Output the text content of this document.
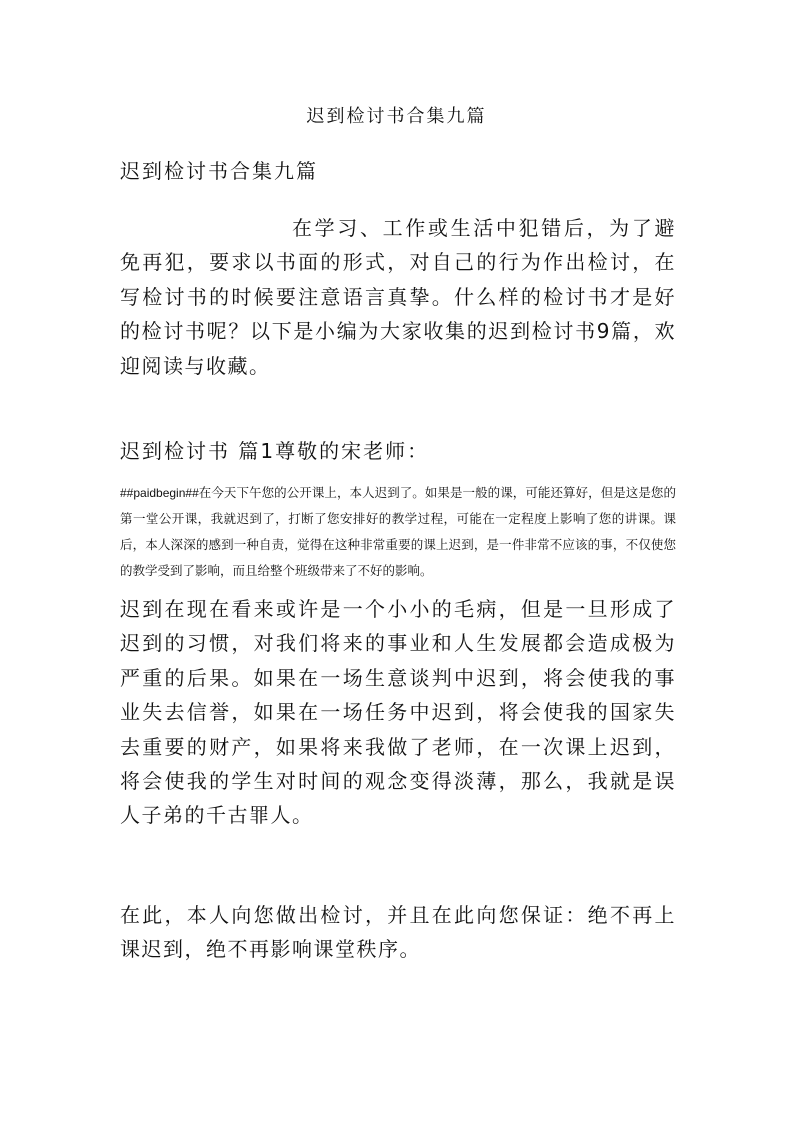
迟到检讨书合集九篇
迟到检讨书合集九篇

在学习、工作或生活中犯错后，为了避免再犯，要求以书面的形式，对自己的行为作出检讨，在写检讨书的时候要注意语言真挚。什么样的检讨书才是好的检讨书呢？以下是小编为大家收集的迟到检讨书9篇，欢迎阅读与收藏。

迟到检讨书 篇1尊敬的宋老师：

##paidbegin##在今天下午您的公开课上，本人迟到了。如果是一般的课，可能还算好，但是这是您的第一堂公开课，我就迟到了，打断了您安排好的教学过程，可能在一定程度上影响了您的讲课。课后，本人深深的感到一种自责，觉得在这种非常重要的课上迟到，是一件非常不应该的事，不仅使您的教学受到了影响，而且给整个班级带来了不好的影响。

迟到在现在看来或许是一个小小的毛病，但是一旦形成了迟到的习惯，对我们将来的事业和人生发展都会造成极为严重的后果。如果在一场生意谈判中迟到，将会使我的事业失去信誉，如果在一场任务中迟到，将会使我的国家失去重要的财产，如果将来我做了老师，在一次课上迟到，将会使我的学生对时间的观念变得淡薄，那么，我就是误人子弟的千古罪人。

在此，本人向您做出检讨，并且在此向您保证：绝不再上课迟到，绝不再影响课堂秩序。
